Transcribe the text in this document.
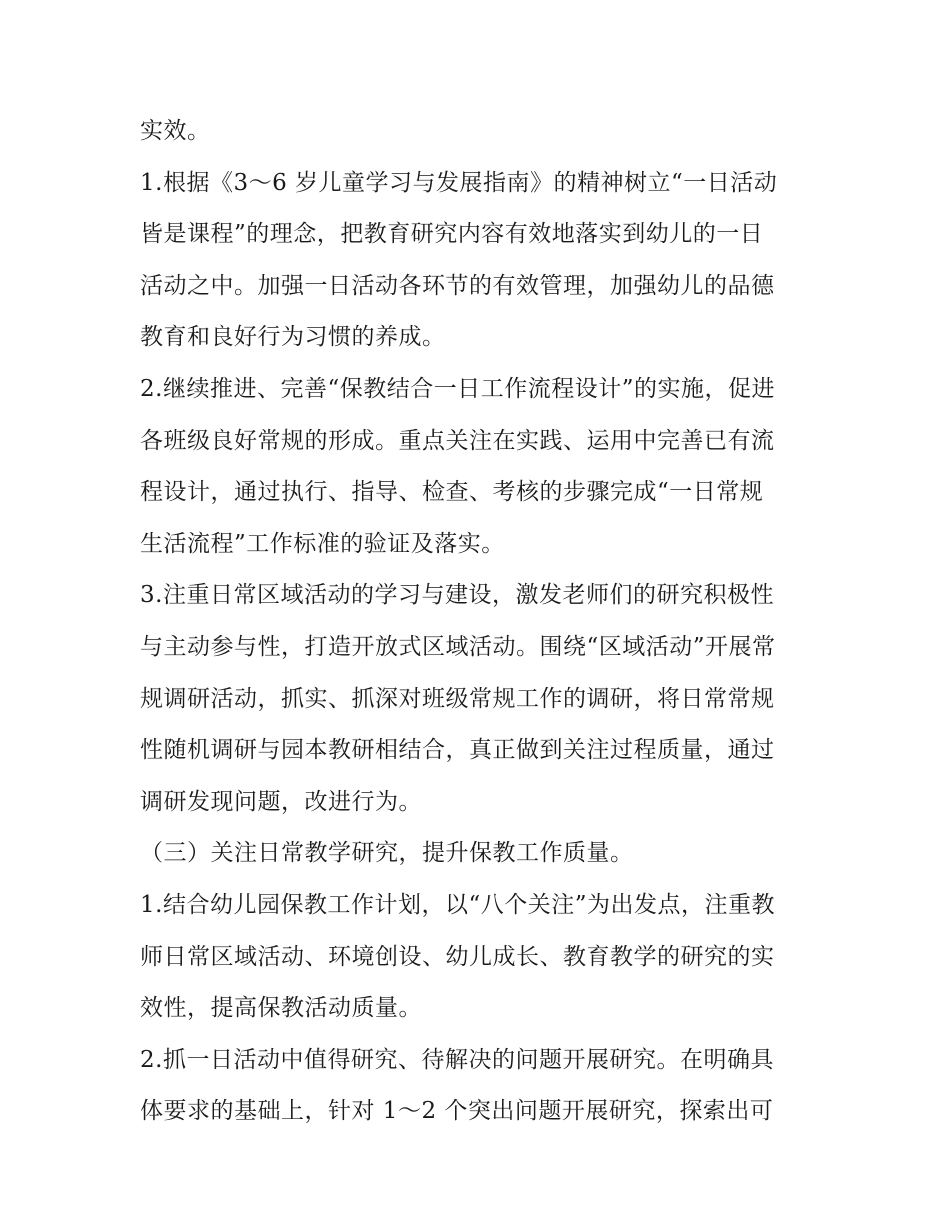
实效。
1.根据《3～6 岁儿童学习与发展指南》的精神树立“一日活动
皆是课程”的理念，把教育研究内容有效地落实到幼儿的一日
活动之中。加强一日活动各环节的有效管理，加强幼儿的品德
教育和良好行为习惯的养成。
2.继续推进、完善“保教结合一日工作流程设计”的实施，促进
各班级良好常规的形成。重点关注在实践、运用中完善已有流
程设计，通过执行、指导、检查、考核的步骤完成“一日常规
生活流程”工作标准的验证及落实。
3.注重日常区域活动的学习与建设，激发老师们的研究积极性
与主动参与性，打造开放式区域活动。围绕“区域活动”开展常
规调研活动，抓实、抓深对班级常规工作的调研，将日常常规
性随机调研与园本教研相结合，真正做到关注过程质量，通过
调研发现问题，改进行为。
（三）关注日常教学研究，提升保教工作质量。
1.结合幼儿园保教工作计划，以“八个关注”为出发点，注重教
师日常区域活动、环境创设、幼儿成长、教育教学的研究的实
效性，提高保教活动质量。
2.抓一日活动中值得研究、待解决的问题开展研究。在明确具
体要求的基础上，针对 1～2 个突出问题开展研究，探索出可
